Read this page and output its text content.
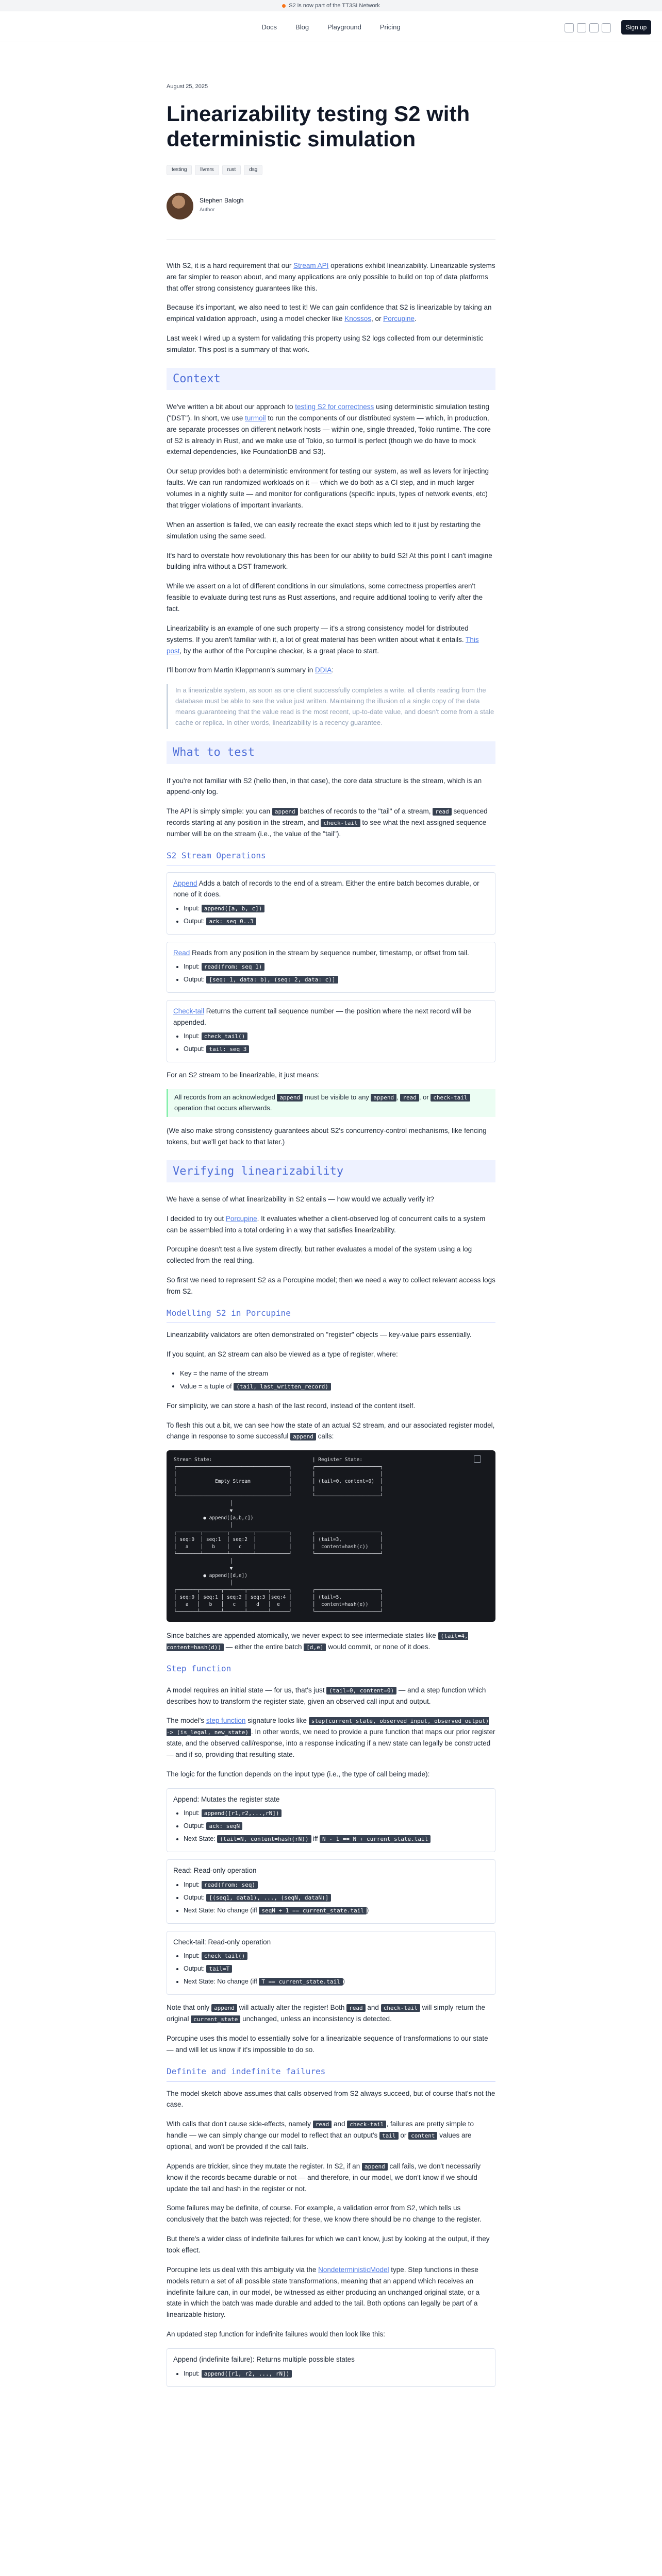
S2 is now part of the TT3SI Network
Docs	Blog	Playground	Pricing	Sign up
August 25, 2025
Linearizability testing S2 with deterministic simulation
testing	llvmrs	rust	dsg
Stephen Balogh
Author

With S2, it is a hard requirement that our Stream API operations exhibit linearizability. Linearizable systems are far simpler to reason about, and many applications are only possible to build on top of data platforms that offer strong consistency guarantees like this.

Because it's important, we also need to test it! We can gain confidence that S2 is linearizable by taking an empirical validation approach, using a model checker like Knossos, or Porcupine.

Last week I wired up a system for validating this property using S2 logs collected from our deterministic simulator. This post is a summary of that work.

Context

We've written a bit about our approach to testing S2 for correctness using deterministic simulation testing ("DST"). In short, we use turmoil to run the components of our distributed system — which, in production, are separate processes on different network hosts — within one, single threaded, Tokio runtime. The core of S2 is already in Rust, and we make use of Tokio, so turmoil is perfect (though we do have to mock external dependencies, like FoundationDB and S3).

Our setup provides both a deterministic environment for testing our system, as well as levers for injecting faults. We can run randomized workloads on it — which we do both as a CI step, and in much larger volumes in a nightly suite — and monitor for configurations (specific inputs, types of network events, etc) that trigger violations of important invariants.

When an assertion is failed, we can easily recreate the exact steps which led to it just by restarting the simulation using the same seed.

It's hard to overstate how revolutionary this has been for our ability to build S2! At this point I can't imagine building infra without a DST framework.

While we assert on a lot of different conditions in our simulations, some correctness properties aren't feasible to evaluate during test runs as Rust assertions, and require additional tooling to verify after the fact.

Linearizability is an example of one such property — it's a strong consistency model for distributed systems. If you aren't familiar with it, a lot of great material has been written about what it entails. This post, by the author of the Porcupine checker, is a great place to start.

I'll borrow from Martin Kleppmann's summary in DDIA:

In a linearizable system, as soon as one client successfully completes a write, all clients reading from the database must be able to see the value just written. Maintaining the illusion of a single copy of the data means guaranteeing that the value read is the most recent, up-to-date value, and doesn't come from a stale cache or replica. In other words, linearizability is a recency guarantee.
What to test

If you're not familiar with S2 (hello then, in that case), the core data structure is the stream, which is an append-only log.

The API is simply simple: you can append batches of records to the "tail" of a stream, read sequenced records starting at any position in the stream, and check-tail to see what the next assigned sequence number will be on the stream (i.e., the value of the "tail").

S2 Stream Operations
Append Adds a batch of records to the end of a stream. Either the entire batch becomes durable, or none of it does.
• Input: append([a, b, c])
• Output: ack: seq 0..3
Read Reads from any position in the stream by sequence number, timestamp, or offset from tail.
• Input: read(from: seq 1)
• Output: [seq: 1, data: b), (seq: 2, data: c)]
Check-tail Returns the current tail sequence number — the position where the next record will be appended.
• Input: check_tail()
• Output: tail: seq 3

For an S2 stream to be linearizable, it just means:

All records from an acknowledged append must be visible to any append , read , or check-tail operation that occurs afterwards.

(We also make strong consistency guarantees about S2's concurrency-control mechanisms, like fencing tokens, but we'll get back to that later.)

Verifying linearizability

We have a sense of what linearizability in S2 entails — how would we actually verify it?

I decided to try out Porcupine. It evaluates whether a client-observed log of concurrent calls to a system can be assembled into a total ordering in a way that satisfies linearizability.

Porcupine doesn't test a live system directly, but rather evaluates a model of the system using a log collected from the real thing.

So first we need to represent S2 as a Porcupine model; then we need a way to collect relevant access logs from S2.

Modelling S2 in Porcupine

Linearizability validators are often demonstrated on "register" objects — key-value pairs essentially.

If you squint, an S2 stream can also be viewed as a type of register, where:

• Key = the name of the stream
• Value = a tuple of (tail, last_written_record)

For simplicity, we can store a hash of the last record, instead of the content itself.

To flesh this out a bit, we can see how the state of an actual S2 stream, and our associated register model, change in response to some successful append calls:

Stream State:                                  | Register State:
┌──────────────────────────────────────┐       ┌──────────────────────┐
│                                      │       │                      │
│             Empty Stream             │       │ (tail=0, content=0)  │
│                                      │       │                      │
└──────────────────────────────────────┘       └──────────────────────┘
│
▼
● append([a,b,c])
│
┌────────┬────────┬────────┬───────────┐       ┌──────────────────────┐
│ seq:0  │ seq:1  │ seq:2  │           │       │ (tail=3,             │
│   a    │   b    │   c    │           │       │  content=hash(c))    │
└────────┴────────┴────────┴───────────┘       └──────────────────────┘
│
▼
● append([d,e])
│
┌───────┬───────┬───────┬───────┬──────┐       ┌──────────────────────┐
│ seq:0 │ seq:1 │ seq:2 │ seq:3 │seq:4 │       │ (tail=5,             │
│   a   │   b   │   c   │   d   │  e   │       │  content=hash(e))    │
└───────┴───────┴───────┴───────┴──────┘       └──────────────────────┘

Since batches are appended atomically, we never expect to see intermediate states like (tail=4, content=hash(d)) — either the entire batch [d,e] would commit, or none of it does.

Step function

A model requires an initial state — for us, that's just (tail=0, content=0) — and a step function which describes how to transform the register state, given an observed call input and output.

The model's step function signature looks like step(current_state, observed_input, observed_output) -> (is_legal, new_state) . In other words, we need to provide a pure function that maps our prior register state, and the observed call/response, into a response indicating if a new state can legally be constructed — and if so, providing that resulting state.

The logic for the function depends on the input type (i.e., the type of call being made):

Append: Mutates the register state
• Input: append([r1,r2,...,rN])
• Output: ack: seqN
• Next State: (tail=N, content=hash(rN)) iff N - 1 == N + current_state.tail
Read: Read-only operation
• Input: read(from: seq)
• Output: [(seq1, data1), ..., (seqN, dataN)]
• Next State: No change (iff seqN + 1 == current_state.tail )
Check-tail: Read-only operation
• Input: check_tail()
• Output: tail=T
• Next State: No change (iff T == current_state.tail )

Note that only append will actually alter the register! Both read and check-tail will simply return the original current_state unchanged, unless an inconsistency is detected.

Porcupine uses this model to essentially solve for a linearizable sequence of transformations to our state — and will let us know if it's impossible to do so.

Definite and indefinite failures

The model sketch above assumes that calls observed from S2 always succeed, but of course that's not the case.

With calls that don't cause side-effects, namely read and check-tail , failures are pretty simple to handle — we can simply change our model to reflect that an output's tail or content values are optional, and won't be provided if the call fails.

Appends are trickier, since they mutate the register. In S2, if an append call fails, we don't necessarily know if the records became durable or not — and therefore, in our model, we don't know if we should update the tail and hash in the register or not.

Some failures may be definite, of course. For example, a validation error from S2, which tells us conclusively that the batch was rejected; for these, we know there should be no change to the register.

But there's a wider class of indefinite failures for which we can't know, just by looking at the output, if they took effect.

Porcupine lets us deal with this ambiguity via the NondeterministicModel type. Step functions in these models return a set of all possible state transformations, meaning that an append which receives an indefinite failure can, in our model, be witnessed as either producing an unchanged original state, or a state in which the batch was made durable and added to the tail. Both options can legally be part of a linearizable history.

An updated step function for indefinite failures would then look like this:

Append (indefinite failure): Returns multiple possible states
• Input: append([r1, r2, ..., rN])
